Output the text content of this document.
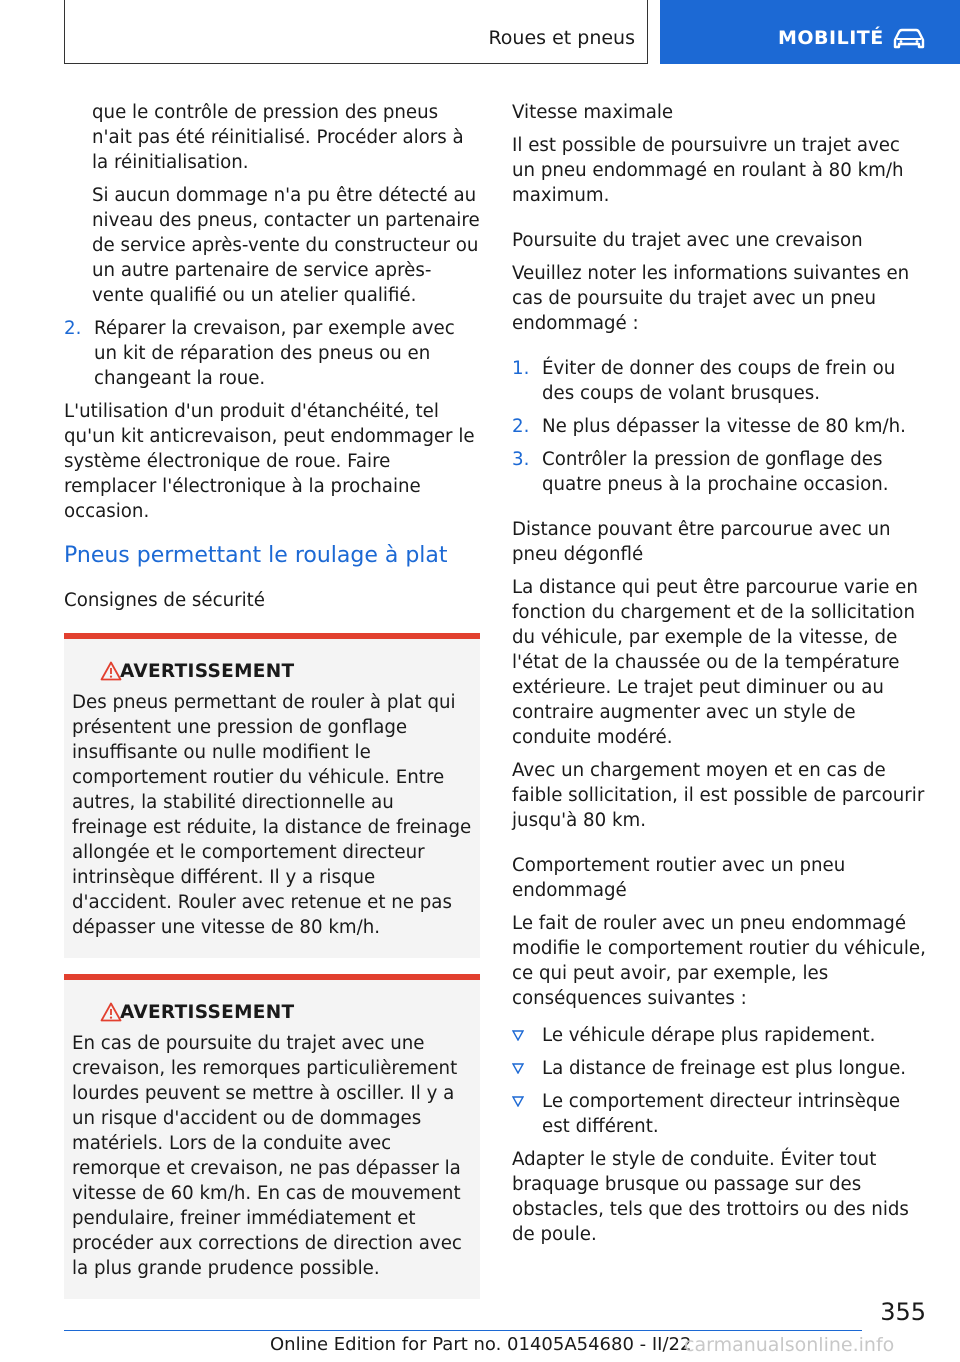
Roues et pneus	MOBILITÉ

que le contrôle de pression des pneus n'ait pas été réinitialisé. Procéder alors à la réinitialisation.

Si aucun dommage n'a pu être détecté au niveau des pneus, contacter un partenaire de service après-vente du constructeur ou un autre partenaire de service après-vente qualifié ou un atelier qualifié.

2. Réparer la crevaison, par exemple avec un kit de réparation des pneus ou en changeant la roue.

L'utilisation d'un produit d'étanchéité, tel qu'un kit anticrevaison, peut endommager le système électronique de roue. Faire remplacer l'électronique à la prochaine occasion.

Pneus permettant le roulage à plat

Consignes de sécurité

AVERTISSEMENT

Des pneus permettant de rouler à plat qui présentent une pression de gonflage insuffisante ou nulle modifient le comportement routier du véhicule. Entre autres, la stabilité directionnelle au freinage est réduite, la distance de freinage allongée et le comportement directeur intrinsèque différent. Il y a risque d'accident. Rouler avec retenue et ne pas dépasser une vitesse de 80 km/h.

AVERTISSEMENT

En cas de poursuite du trajet avec une crevaison, les remorques particulièrement lourdes peuvent se mettre à osciller. Il y a un risque d'accident ou de dommages matériels. Lors de la conduite avec remorque et crevaison, ne pas dépasser la vitesse de 60 km/h. En cas de mouvement pendulaire, freiner immédiatement et procéder aux corrections de direction avec la plus grande prudence possible.

Vitesse maximale

Il est possible de poursuivre un trajet avec un pneu endommagé en roulant à 80 km/h maximum.

Poursuite du trajet avec une crevaison

Veuillez noter les informations suivantes en cas de poursuite du trajet avec un pneu endommagé :

1. Éviter de donner des coups de frein ou des coups de volant brusques.
2. Ne plus dépasser la vitesse de 80 km/h.
3. Contrôler la pression de gonflage des quatre pneus à la prochaine occasion.
Distance pouvant être parcourue avec un pneu dégonflé

La distance qui peut être parcourue varie en fonction du chargement et de la sollicitation du véhicule, par exemple de la vitesse, de l'état de la chaussée ou de la température extérieure. Le trajet peut diminuer ou au contraire augmenter avec un style de conduite modéré.

Avec un chargement moyen et en cas de faible sollicitation, il est possible de parcourir jusqu'à 80 km.

Comportement routier avec un pneu endommagé

Le fait de rouler avec un pneu endommagé modifie le comportement routier du véhicule, ce qui peut avoir, par exemple, les conséquences suivantes :

Le véhicule dérape plus rapidement.
La distance de freinage est plus longue.
Le comportement directeur intrinsèque est différent.

Adapter le style de conduite. Éviter tout braquage brusque ou passage sur des obstacles, tels que des trottoirs ou des nids de poule.

355
Online Edition for Part no. 01405A54680 - II/22
carmanualsonline.info
